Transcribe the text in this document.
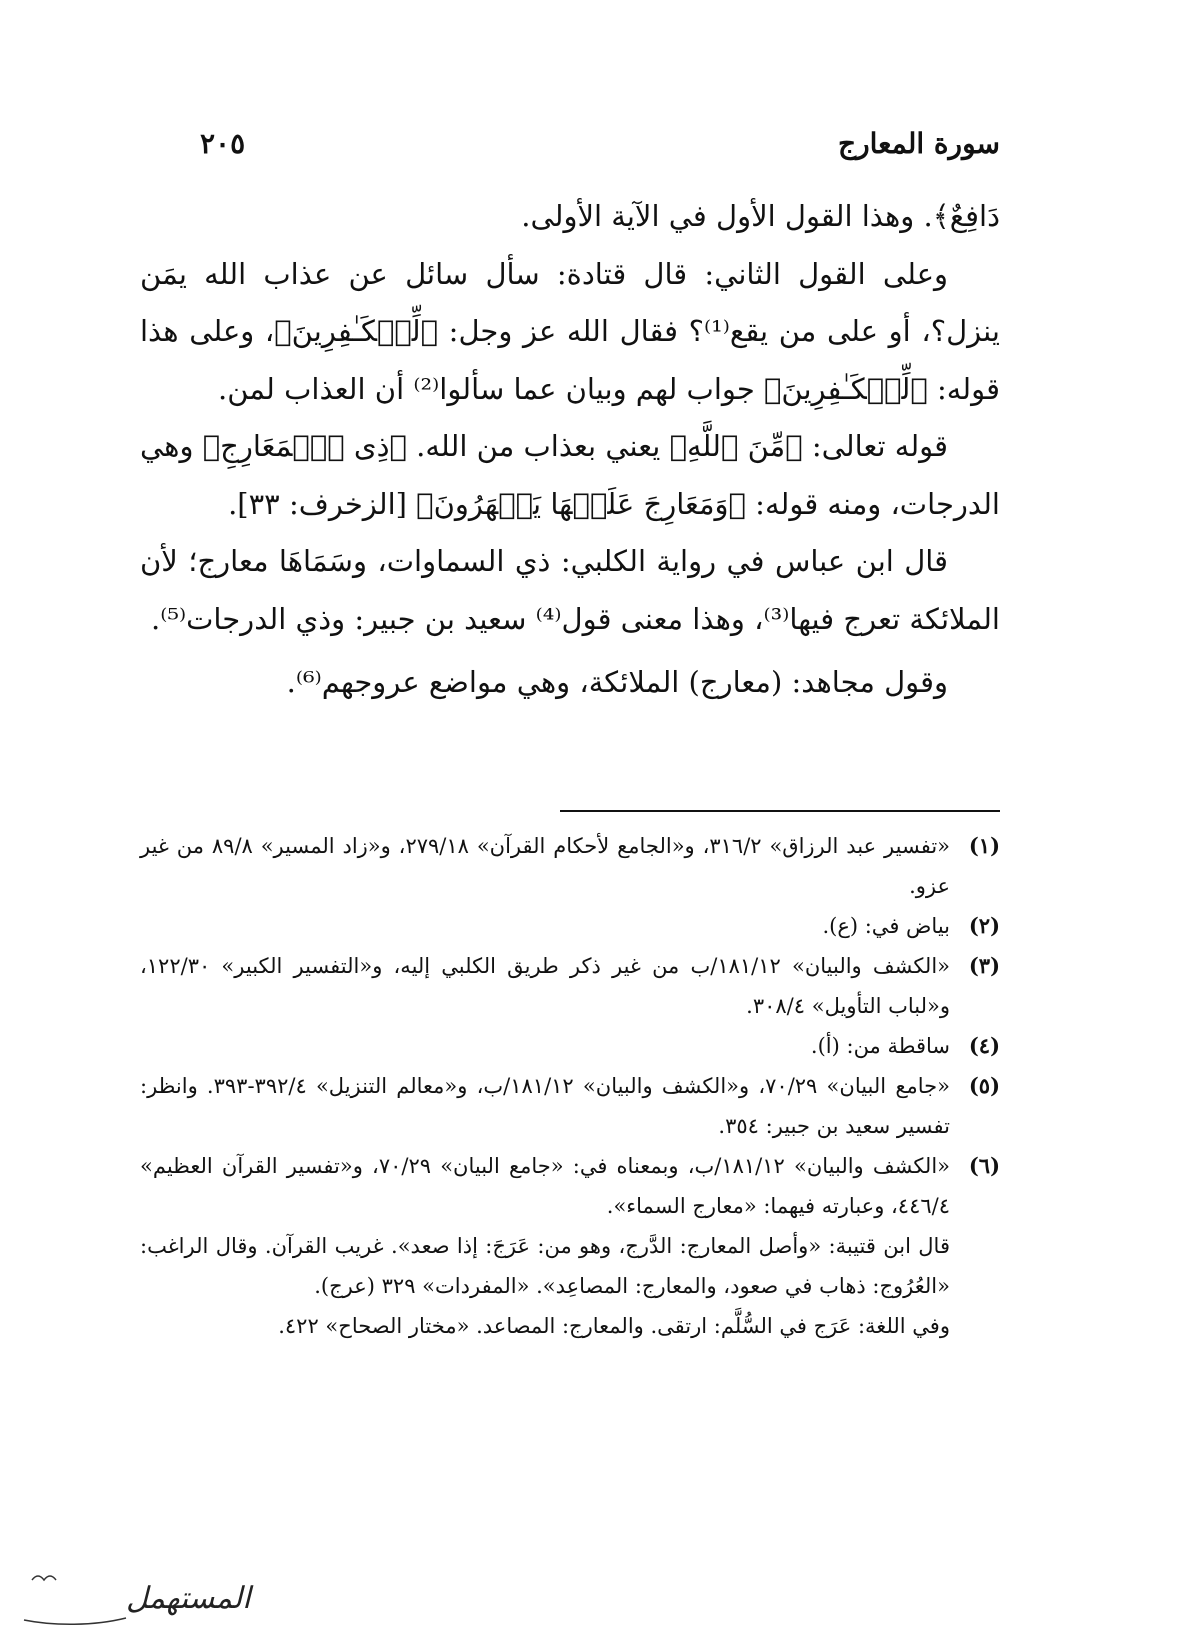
سورة المعارج
٢٠٥

دَافِعٌ﴾. وهذا القول الأول في الآية الأولى.

وعلى القول الثاني: قال قتادة: سأل سائل عن عذاب الله يمَن ينزل؟، أو على من يقع⁽¹⁾؟ فقال الله عز وجل: ﴿لِّلۡكَـٰفِرِينَ﴾، وعلى هذا قوله: ﴿لِّلۡكَـٰفِرِينَ﴾ جواب لهم وبيان عما سألوا⁽²⁾ أن العذاب لمن.

قوله تعالى: ﴿مِّنَ ٱللَّهِ﴾ يعني بعذاب من الله. ﴿ذِى ٱلۡمَعَارِجِ﴾ وهي الدرجات، ومنه قوله: ﴿وَمَعَارِجَ عَلَيۡهَا يَظۡهَرُونَ﴾ [الزخرف: ٣٣].

قال ابن عباس في رواية الكلبي: ذي السماوات، وسَمَاهَا معارج؛ لأن الملائكة تعرج فيها⁽³⁾، وهذا معنى قول⁽⁴⁾ سعيد بن جبير: وذي الدرجات⁽⁵⁾.

وقول مجاهد: (معارج) الملائكة، وهي مواضع عروجهم⁽⁶⁾.

(١)
«تفسير عبد الرزاق» ٣١٦/٢، و«الجامع لأحكام القرآن» ٢٧٩/١٨، و«زاد المسير» ٨٩/٨ من غير عزو.
(٢)
بياض في: (ع).
(٣)
«الكشف والبيان» ١٨١/١٢/ب من غير ذكر طريق الكلبي إليه، و«التفسير الكبير» ١٢٢/٣٠، و«لباب التأويل» ٣٠٨/٤.
(٤)
ساقطة من: (أ).
(٥)
«جامع البيان» ٧٠/٢٩، و«الكشف والبيان» ١٨١/١٢/ب، و«معالم التنزيل» ٣٩٢/٤-٣٩٣. وانظر: تفسير سعيد بن جبير: ٣٥٤.
(٦)
«الكشف والبيان» ١٨١/١٢/ب، وبمعناه في: «جامع البيان» ٧٠/٢٩، و«تفسير القرآن العظيم» ٤٤٦/٤، وعبارته فيهما: «معارج السماء».
قال ابن قتيبة: «وأصل المعارج: الدَّرج، وهو من: عَرَجَ: إذا صعد». غريب القرآن. وقال الراغب: «العُرُوج: ذهاب في صعود، والمعارج: المصاعِد». «المفردات» ٣٢٩ (عرج).
وفي اللغة: عَرَج في السُّلَّم: ارتقى. والمعارج: المصاعد. «مختار الصحاح» ٤٢٢.
المستهمل
